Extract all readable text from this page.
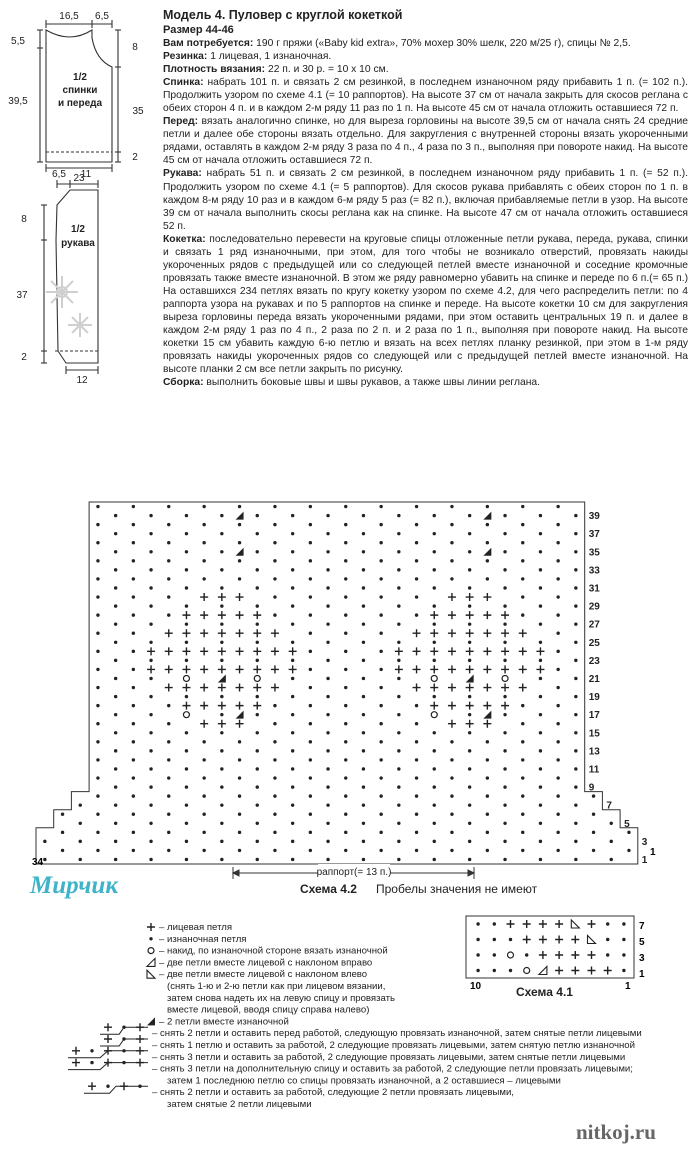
16,5 6,5
5,5
39,5
8
35
2
23
1/2
спинки
и переда
6,5 11
8
37
2
12
1/2
рукава
Модель 4. Пуловер с круглой кокеткой
Размер 44-46

Вам потребуется: 190 г пряжи («Baby kid extra», 70% мохер 30% шелк, 220 м/25 г), спицы № 2,5.

Резинка: 1 лицевая, 1 изнаночная.

Плотность вязания: 22 п. и 30 р. = 10 х 10 см.

Спинка: набрать 101 п. и связать 2 см резинкой, в последнем изнаночном ряду прибавить 1 п. (= 102 п.). Продолжить узором по схеме 4.1 (= 10 раппортов). На высоте 37 см от начала закрыть для скосов реглана с обеих сторон 4 п. и в каждом 2-м ряду 11 раз по 1 п. На высоте 45 см от начала отложить оставшиеся 72 п.

Перед: вязать аналогично спинке, но для выреза горловины на высоте 39,5 см от начала снять 24 средние петли и далее обе стороны вязать отдельно. Для закругления с внутренней стороны вязать укороченными рядами, оставлять в каждом 2-м ряду 3 раза по 4 п., 4 раза по 3 п., выполняя при повороте накид. На высоте 45 см от начала отложить оставшиеся 72 п.

Рукава: набрать 51 п. и связать 2 см резинкой, в последнем изнаночном ряду прибавить 1 п. (= 52 п.). Продолжить узором по схеме 4.1 (= 5 раппортов). Для скосов рукава прибавлять с обеих сторон по 1 п. в каждом 8-м ряду 10 раз и в каждом 6-м ряду 5 раз (= 82 п.), включая прибавляемые петли в узор. На высоте 39 см от начала выполнить скосы реглана как на спинке. На высоте 47 см от начала отложить оставшиеся 52 п.

Кокетка: последовательно перевести на круговые спицы отложенные петли рукава, переда, рукава, спинки и связать 1 ряд изнаночными, при этом, для того чтобы не возникало отверстий, провязать накиды укороченных рядов с предыдущей или со следующей петлей вместе изнаночной и соседние кромочные провязать также вместе изнаночной. В этом же ряду равномерно убавить на спинке и переде по 6 п.(= 65 п.) На оставшихся 234 петлях вязать по кругу кокетку узором по схеме 4.2, для чего распределить петли: по 4 раппорта узора на рукавах и по 5 раппортов на спинке и переде. На высоте кокетки 10 см для закругления выреза горловины переда вязать укороченными рядами, при этом оставить центральных 19 п. и далее в каждом 2-м ряду 1 раз по 4 п., 2 раза по 2 п. и 2 раза по 1 п., выполняя при повороте накид. На высоте кокетки 15 см убавить каждую 6-ю петлю и вязать на всех петлях планку резинкой, при этом в 1-м ряду провязать накиды укороченных рядов со следующей или с предыдущей петлей вместе изнаночной. На высоте планки 2 см все петли закрыть по рисунку.

Сборка: выполнить боковые швы и швы рукавов, а также швы линии реглана.

39
37
35
33
31
29
27
25
23
21
19
17
15
13
11
9
7
5
3
1
34
1
раппорт(= 13 п.)
Схема 4.2 Пробелы значения не имеют
Мирчик
– лицевая петля
– изнаночная петля
– накид, по изнаночной стороне вязать изнаночной
– две петли вместе лицевой с наклоном вправо
– две петли вместе лицевой с наклоном влево
(снять 1-ю и 2-ю петли как при лицевом вязании,
затем снова надеть их на левую спицу и провязать
вместе лицевой, вводя спицу справа налево)
– 2 петли вместе изнаночной
– снять 2 петли и оставить перед работой, следующую провязать изнаночной, затем снятые петли лицевыми
– снять 1 петлю и оставить за работой, 2 следующие провязать лицевыми, затем снятую петлю изнаночной
– снять 3 петли и оставить за работой, 2 следующие провязать лицевыми, затем снятые петли лицевыми
– снять 3 петли на дополнительную спицу и оставить за работой, 2 следующие петли провязать лицевыми;
затем 1 последнюю петлю со спицы провязать изнаночной, а 2 оставшиеся – лицевыми
– снять 2 петли и оставить за работой, следующие 2 петли провязать лицевыми,
затем снятые 2 петли лицевыми
7
5
3
1
10	1
Схема 4.1
nitkoj.ru
